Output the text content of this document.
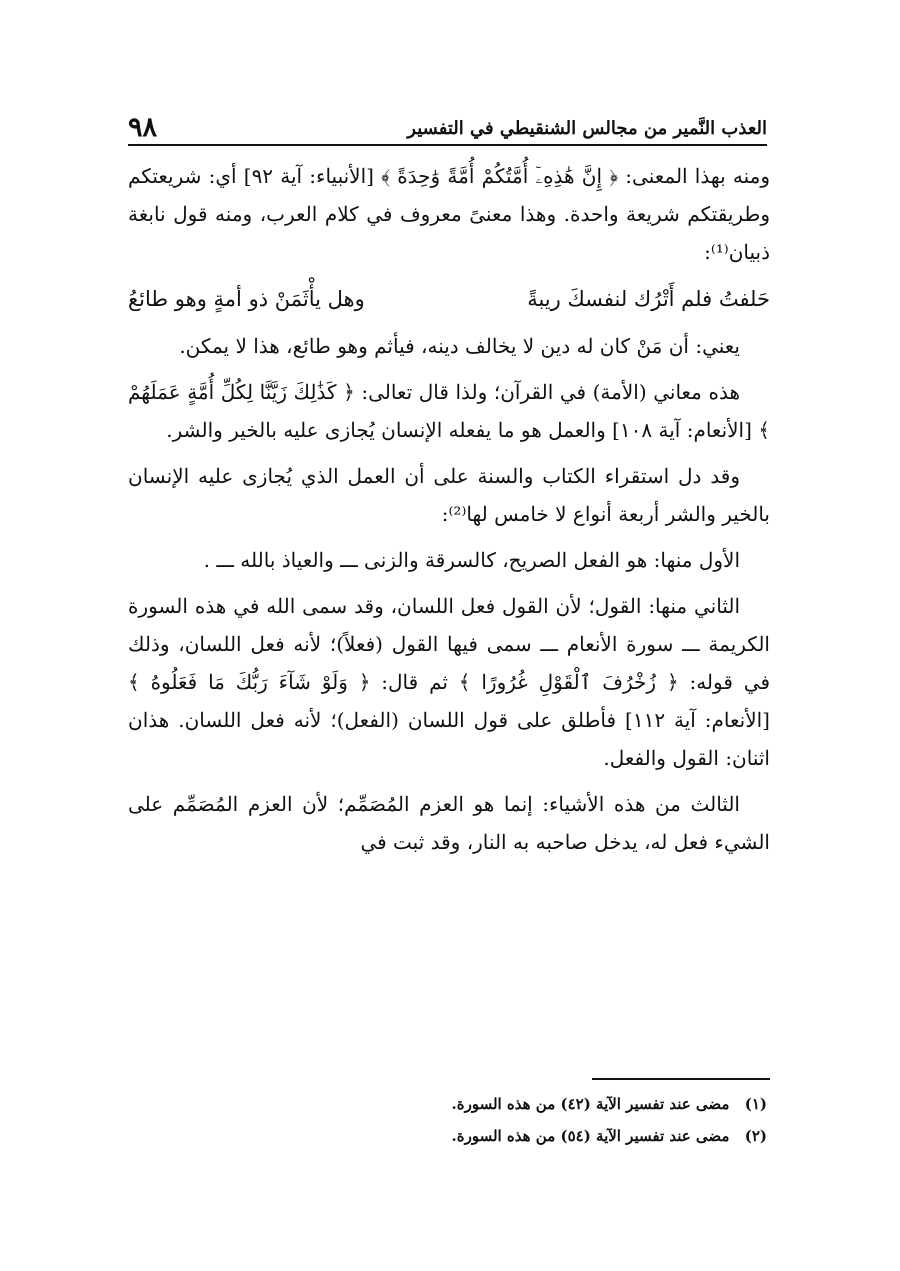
العذب النَّمير من مجالس الشنقيطي في التفسير
٩٨

ومنه بهذا المعنى: ﴿ إِنَّ هَٰذِهِۦٓ أُمَّتُكُمْ أُمَّةً وَٰحِدَةً ﴾ [الأنبياء: آية ٩٢] أي: شريعتكم وطريقتكم شريعة واحدة. وهذا معنىً معروف في كلام العرب، ومنه قول نابغة ذبيان⁽¹⁾:

حَلفتُ فلم أَتْرُك لنفسكَ ريبةً
وهل يأْثَمَنْ ذو أمةٍ وهو طائعُ

يعني: أن مَنْ كان له دين لا يخالف دينه، فيأثم وهو طائع، هذا لا يمكن.

هذه معاني (الأمة) في القرآن؛ ولذا قال تعالى: ﴿ كَذَٰلِكَ زَيَّنَّا لِكُلِّ أُمَّةٍ عَمَلَهُمْ ﴾ [الأنعام: آية ١٠٨] والعمل هو ما يفعله الإنسان يُجازى عليه بالخير والشر.

وقد دل استقراء الكتاب والسنة على أن العمل الذي يُجازى عليه الإنسان بالخير والشر أربعة أنواع لا خامس لها⁽²⁾:

الأول منها: هو الفعل الصريح، كالسرقة والزنى ـــ والعياذ بالله ـــ .

الثاني منها: القول؛ لأن القول فعل اللسان، وقد سمى الله في هذه السورة الكريمة ـــ سورة الأنعام ـــ سمى فيها القول (فعلاً)؛ لأنه فعل اللسان، وذلك في قوله: ﴿ زُخْرُفَ ٱلْقَوْلِ غُرُورًا ﴾ ثم قال: ﴿ وَلَوْ شَآءَ رَبُّكَ مَا فَعَلُوهُ ﴾ [الأنعام: آية ١١٢] فأطلق على قول اللسان (الفعل)؛ لأنه فعل اللسان. هذان اثنان: القول والفعل.

الثالث من هذه الأشياء: إنما هو العزم المُصَمِّم؛ لأن العزم المُصَمِّم على الشيء فعل له، يدخل صاحبه به النار، وقد ثبت في

(١) مضى عند تفسير الآية (٤٢) من هذه السورة.
(٢) مضى عند تفسير الآية (٥٤) من هذه السورة.
